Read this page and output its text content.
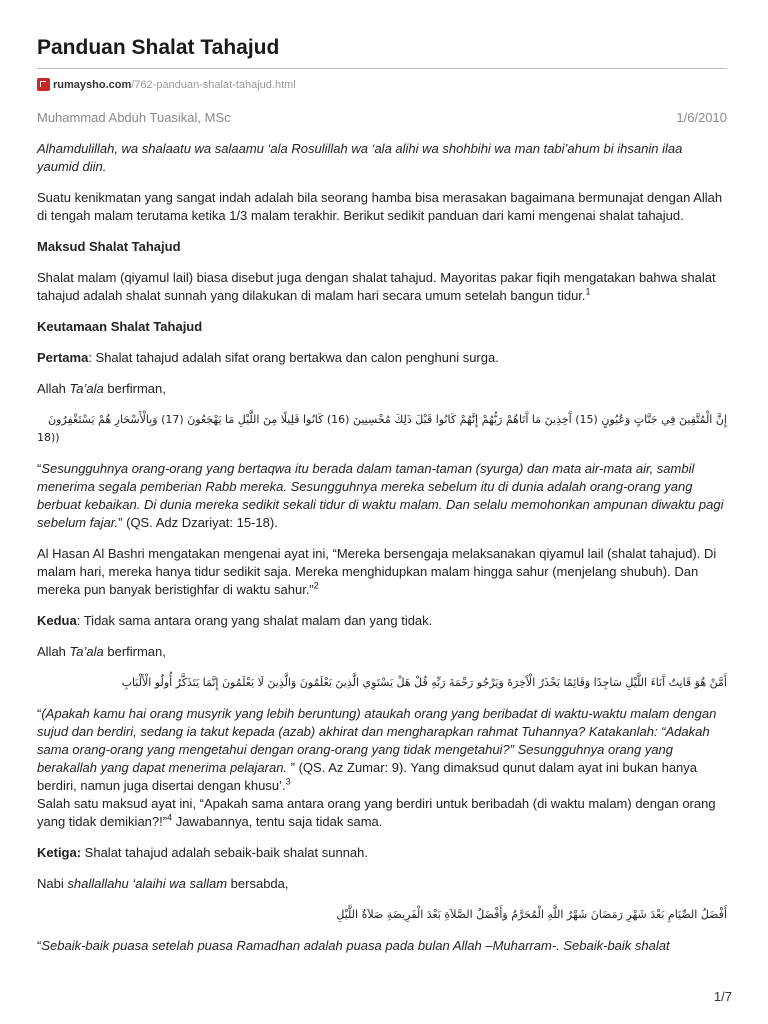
Panduan Shalat Tahajud
rumaysho.com /762-panduan-shalat-tahajud.html
Muhammad Abduh Tuasikal, MSc	1/6/2010

Alhamdulillah, wa shalaatu wa salaamu ‘ala Rosulillah wa ‘ala alihi wa shohbihi wa man tabi’ahum bi ihsanin ilaa yaumid diin.

Suatu kenikmatan yang sangat indah adalah bila seorang hamba bisa merasakan bagaimana bermunajat dengan Allah di tengah malam terutama ketika 1/3 malam terakhir. Berikut sedikit panduan dari kami mengenai shalat tahajud.

Maksud Shalat Tahajud

Shalat malam (qiyamul lail) biasa disebut juga dengan shalat tahajud. Mayoritas pakar fiqih mengatakan bahwa shalat tahajud adalah shalat sunnah yang dilakukan di malam hari secara umum setelah bangun tidur.$^1$

Keutamaan Shalat Tahajud

Pertama: Shalat tahajud adalah sifat orang bertakwa dan calon penghuni surga.

Allah Ta’ala berfirman,

إِنَّ الْمُتَّقِينَ فِي جَنَّاتٍ وَعُيُونٍ (15) آَخِذِينَ مَا آَتَاهُمْ رَبُّهُمْ إِنَّهُمْ كَانُوا قَبْلَ ذَلِكَ مُحْسِنِينَ (16) كَانُوا قَلِيلًا مِنَ اللَّيْلِ مَا يَهْجَعُونَ (17) وَبِالْأَسْحَارِ هُمْ يَسْتَغْفِرُونَ
18))

“Sesungguhnya orang-orang yang bertaqwa itu berada dalam taman-taman (syurga) dan mata air-mata air, sambil menerima segala pemberian Rabb mereka. Sesungguhnya mereka sebelum itu di dunia adalah orang-orang yang berbuat kebaikan. Di dunia mereka sedikit sekali tidur di waktu malam. Dan selalu memohonkan ampunan diwaktu pagi sebelum fajar.” (QS. Adz Dzariyat: 15-18).

Al Hasan Al Bashri mengatakan mengenai ayat ini, “Mereka bersengaja melaksanakan qiyamul lail (shalat tahajud). Di malam hari, mereka hanya tidur sedikit saja. Mereka menghidupkan malam hingga sahur (menjelang shubuh). Dan mereka pun banyak beristighfar di waktu sahur.”$^2$

Kedua: Tidak sama antara orang yang shalat malam dan yang tidak.

Allah Ta’ala berfirman,

أَمَّنْ هُوَ قَانِتٌ آَنَاءَ اللَّيْلِ سَاجِدًا وَقَائِمًا يَحْذَرُ الْآَخِرَةَ وَيَرْجُو رَحْمَةَ رَبِّهِ قُلْ هَلْ يَسْتَوِي الَّذِينَ يَعْلَمُونَ وَالَّذِينَ لَا يَعْلَمُونَ إِنَّمَا يَتَذَكَّرُ أُولُو الْأَلْبَابِ

“(Apakah kamu hai orang musyrik yang lebih beruntung) ataukah orang yang beribadat di waktu-waktu malam dengan sujud dan berdiri, sedang ia takut kepada (azab) akhirat dan mengharapkan rahmat Tuhannya? Katakanlah: “Adakah sama orang-orang yang mengetahui dengan orang-orang yang tidak mengetahui?” Sesungguhnya orang yang berakallah yang dapat menerima pelajaran. ” (QS. Az Zumar: 9). Yang dimaksud qunut dalam ayat ini bukan hanya berdiri, namun juga disertai dengan khusu’.$^3$

Salah satu maksud ayat ini, “Apakah sama antara orang yang berdiri untuk beribadah (di waktu malam) dengan orang yang tidak demikian?!”$^4$ Jawabannya, tentu saja tidak sama.

Ketiga: Shalat tahajud adalah sebaik-baik shalat sunnah.

Nabi shallallahu ‘alaihi wa sallam bersabda,

أَفْضَلُ الصِّيَامِ بَعْدَ شَهْرِ رَمَضَانَ شَهْرُ اللَّهِ الْمُحَرَّمُ وَأَفْضَلُ الصَّلاَةِ بَعْدَ الْفَرِيضَةِ صَلاَةُ اللَّيْلِ

“Sebaik-baik puasa setelah puasa Ramadhan adalah puasa pada bulan Allah –Muharram-. Sebaik-baik shalat

1/7
